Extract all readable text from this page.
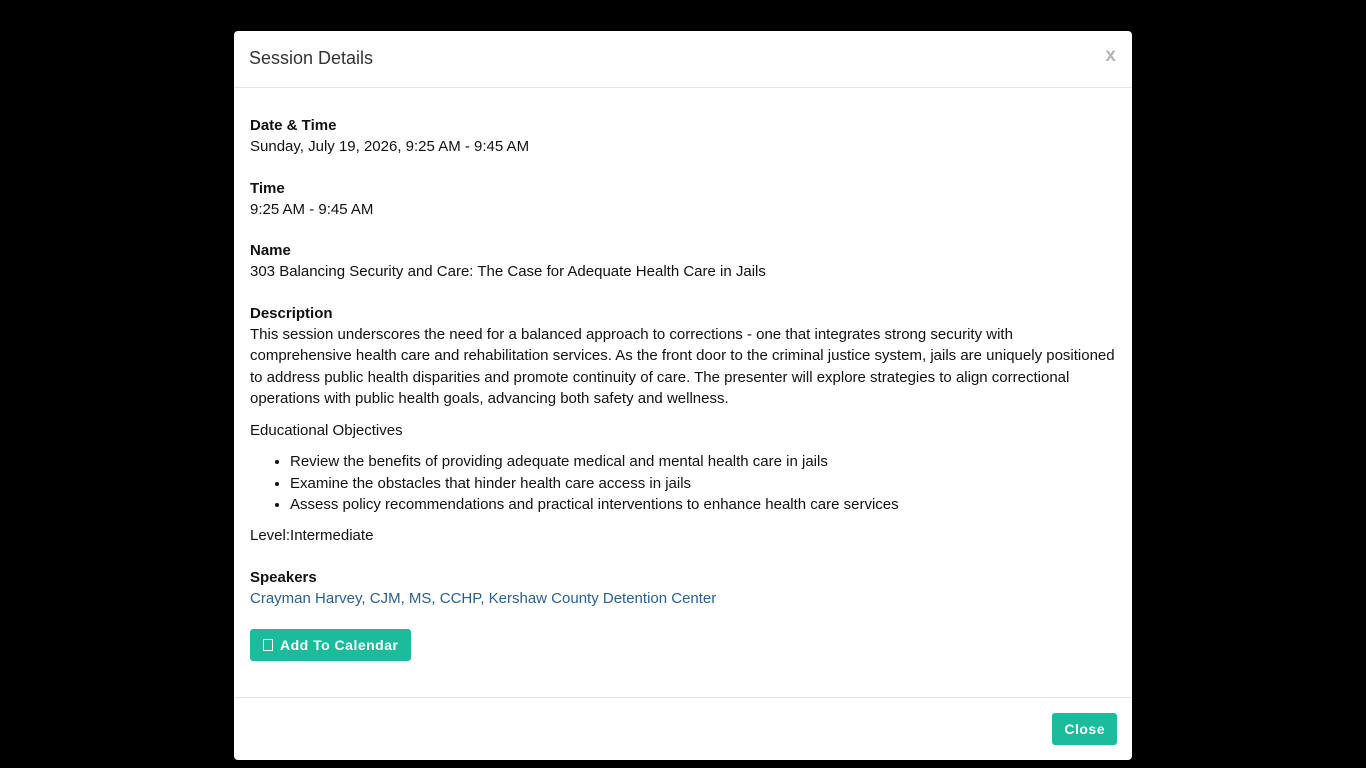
Session Details	x
Date & Time
Sunday, July 19, 2026, 9:25 AM - 9:45 AM
Time
9:25 AM - 9:45 AM
Name
303 Balancing Security and Care: The Case for Adequate Health Care in Jails
Description
This session underscores the need for a balanced approach to corrections - one that integrates strong security with comprehensive health care and rehabilitation services. As the front door to the criminal justice system, jails are uniquely positioned to address public health disparities and promote continuity of care. The presenter will explore strategies to align correctional operations with public health goals, advancing both safety and wellness.
Educational Objectives
• Review the benefits of providing adequate medical and mental health care in jails
• Examine the obstacles that hinder health care access in jails
• Assess policy recommendations and practical interventions to enhance health care services
Level:Intermediate
Speakers
Crayman Harvey, CJM, MS, CCHP, Kershaw County Detention Center
Add To Calendar
Close
